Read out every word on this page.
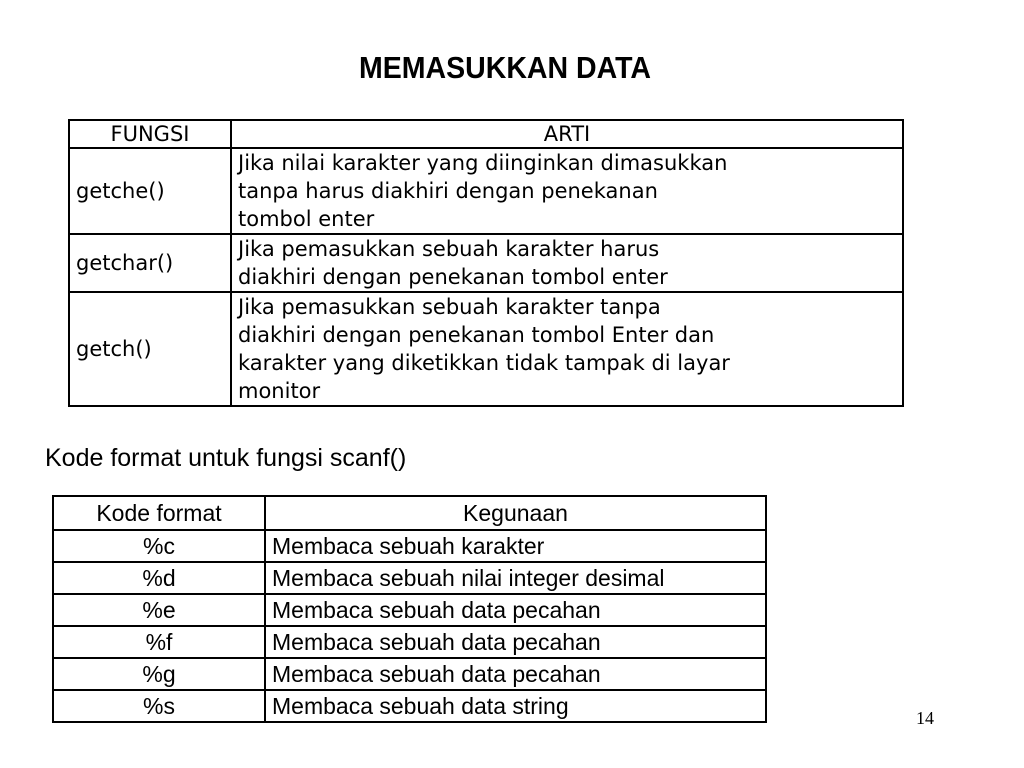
MEMASUKKAN DATA
FUNGSI	ARTI
getche()	Jika nilai karakter yang diinginkan dimasukkan
tanpa harus diakhiri dengan penekanan
tombol enter

getchar()	Jika pemasukkan sebuah karakter harus
diakhiri dengan penekanan tombol enter

getch()	Jika pemasukkan sebuah karakter tanpa
diakhiri dengan penekanan tombol Enter dan
karakter yang diketikkan tidak tampak di layar
monitor
Kode format untuk fungsi scanf()
Kode format	Kegunaan
%c	Membaca sebuah karakter
%d	Membaca sebuah nilai integer desimal
%e	Membaca sebuah data pecahan
%f	Membaca sebuah data pecahan
%g	Membaca sebuah data pecahan
%s	Membaca sebuah data string	14
